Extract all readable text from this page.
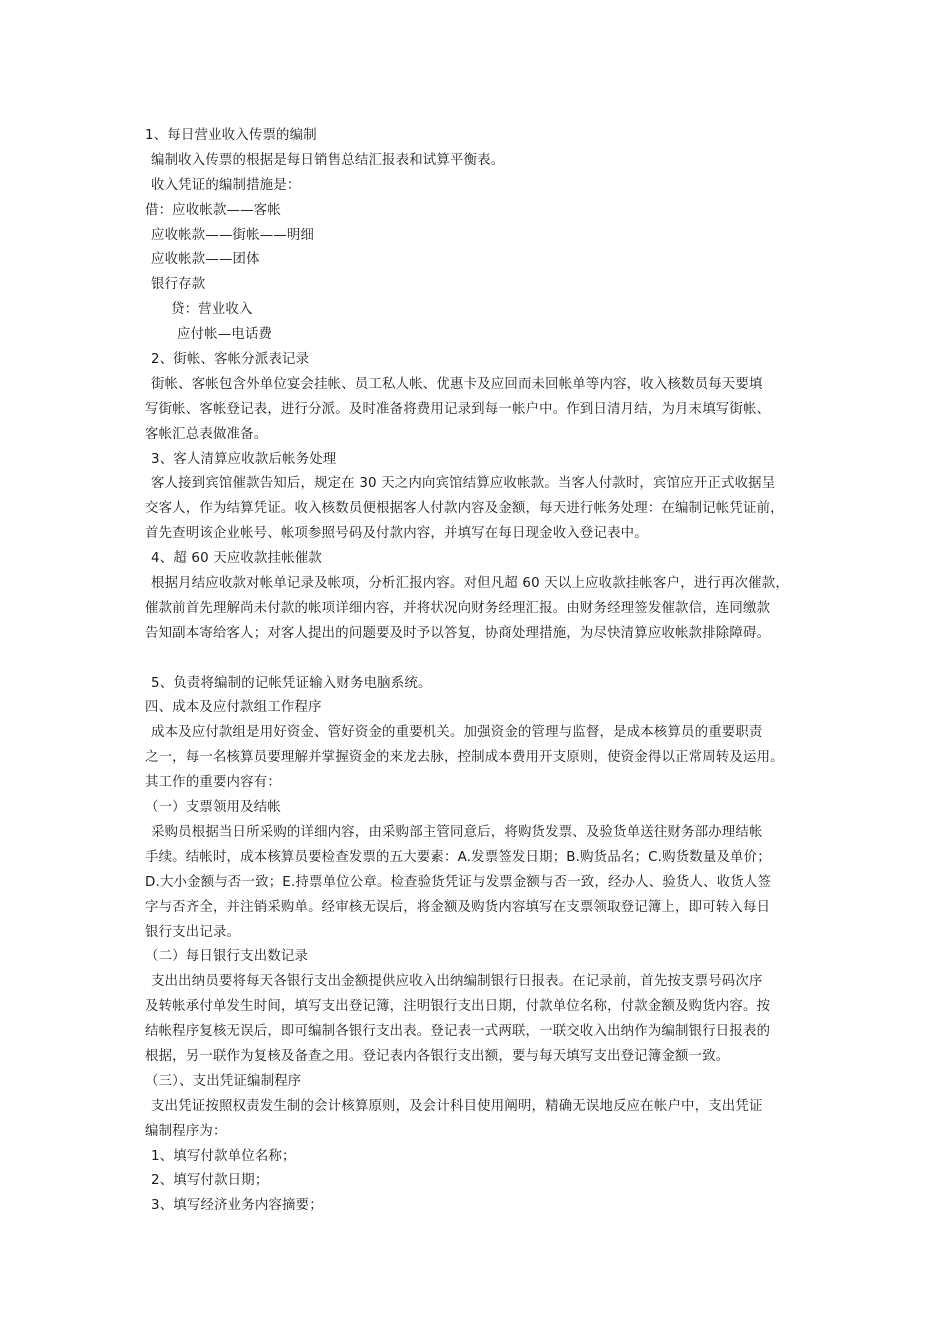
1、每日营业收入传票的编制
编制收入传票的根据是每日销售总结汇报表和试算平衡表。
收入凭证的编制措施是：
借：应收帐款——客帐
应收帐款——街帐——明细
应收帐款——团体
银行存款
贷：营业收入
应付帐—电话费
2、街帐、客帐分派表记录
街帐、客帐包含外单位宴会挂帐、员工私人帐、优惠卡及应回而未回帐单等内容，收入核数员每天要填
写街帐、客帐登记表，进行分派。及时准备将费用记录到每一帐户中。作到日清月结，为月末填写街帐、
客帐汇总表做准备。
3、客人清算应收款后帐务处理
客人接到宾馆催款告知后，规定在 30 天之内向宾馆结算应收帐款。当客人付款时，宾馆应开正式收据呈
交客人，作为结算凭证。收入核数员便根据客人付款内容及金额，每天进行帐务处理：在编制记帐凭证前，
首先查明该企业帐号、帐项参照号码及付款内容，并填写在每日现金收入登记表中。
4、超 60 天应收款挂帐催款
根据月结应收款对帐单记录及帐项，分析汇报内容。对但凡超 60 天以上应收款挂帐客户，进行再次催款，
催款前首先理解尚未付款的帐项详细内容，并将状况向财务经理汇报。由财务经理签发催款信，连同缴款
告知副本寄给客人；对客人提出的问题要及时予以答复，协商处理措施，为尽快清算应收帐款排除障碍。
5、负责将编制的记帐凭证输入财务电脑系统。
四、成本及应付款组工作程序
成本及应付款组是用好资金、管好资金的重要机关。加强资金的管理与监督，是成本核算员的重要职责
之一，每一名核算员要理解并掌握资金的来龙去脉，控制成本费用开支原则，使资金得以正常周转及运用。
其工作的重要内容有：
（一）支票领用及结帐
采购员根据当日所采购的详细内容，由采购部主管同意后，将购货发票、及验货单送往财务部办理结帐
手续。结帐时，成本核算员要检查发票的五大要素：A.发票签发日期；B.购货品名；C.购货数量及单价；
D.大小金额与否一致；E.持票单位公章。检查验货凭证与发票金额与否一致，经办人、验货人、收货人签
字与否齐全，并注销采购单。经审核无误后，将金额及购货内容填写在支票领取登记簿上，即可转入每日
银行支出记录。
（二）每日银行支出数记录
支出出纳员要将每天各银行支出金额提供应收入出纳编制银行日报表。在记录前，首先按支票号码次序
及转帐承付单发生时间，填写支出登记簿，注明银行支出日期，付款单位名称，付款金额及购货内容。按
结帐程序复核无误后，即可编制各银行支出表。登记表一式两联，一联交收入出纳作为编制银行日报表的
根据，另一联作为复核及备查之用。登记表内各银行支出额，要与每天填写支出登记簿金额一致。
（三）、支出凭证编制程序
支出凭证按照权责发生制的会计核算原则，及会计科目使用阐明，精确无误地反应在帐户中，支出凭证
编制程序为：
1、填写付款单位名称；
2、填写付款日期；
3、填写经济业务内容摘要；
